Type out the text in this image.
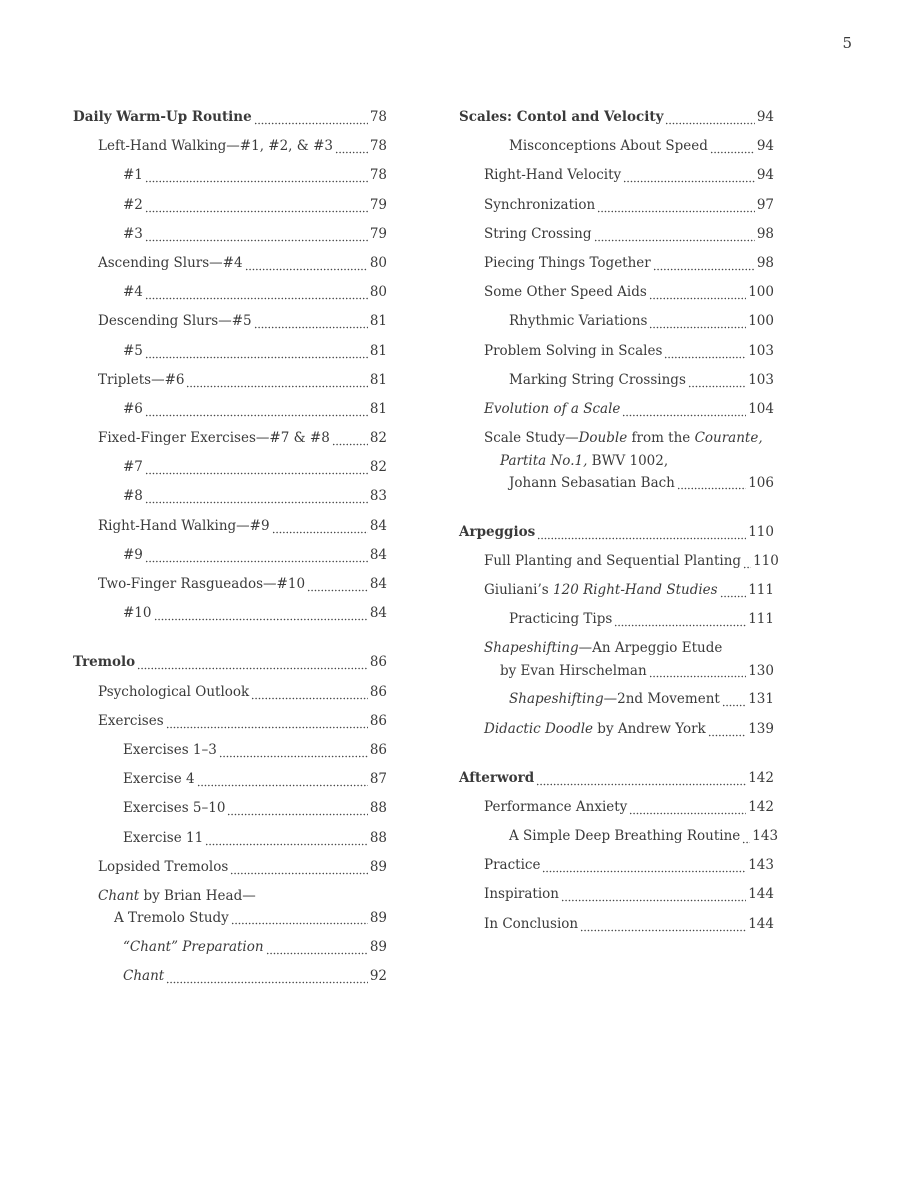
5
Daily Warm-Up Routine	78
Left-Hand Walking—#1, #2, & #3	78
#1	78
#2	79
#3	79
Ascending Slurs—#4	80
#4	80
Descending Slurs—#5	81
#5	81
Triplets—#6	81
#6	81
Fixed-Finger Exercises—#7 & #8	82
#7	82
#8	83
Right-Hand Walking—#9	84
#9	84
Two-Finger Rasgueados—#10	84
#10	84
Tremolo	86
Psychological Outlook	86
Exercises	86
Exercises 1–3	86
Exercise 4	87
Exercises 5–10	88
Exercise 11	88
Lopsided Tremolos	89
Chant by Brian Head—
A Tremolo Study	89
“Chant” Preparation	89
Chant	92
Scales: Contol and Velocity	94
Misconceptions About Speed	94
Right-Hand Velocity	94
Synchronization	97
String Crossing	98
Piecing Things Together	98
Some Other Speed Aids	100
Rhythmic Variations	100
Problem Solving in Scales	103
Marking String Crossings	103
Evolution of a Scale	104
Scale Study—Double from the Courante,
Partita No.1, BWV 1002,
Johann Sebasatian Bach	106
Arpeggios	110
Full Planting and Sequential Planting 110
Giuliani’s 120 Right-Hand Studies 111
Practicing Tips	111
Shapeshifting—An Arpeggio Etude
by Evan Hirschelman	130
Shapeshifting—2nd Movement 131
Didactic Doodle by Andrew York	139
Afterword	142
Performance Anxiety	142
A Simple Deep Breathing Routine 143
Practice	143
Inspiration	144
In Conclusion	144
